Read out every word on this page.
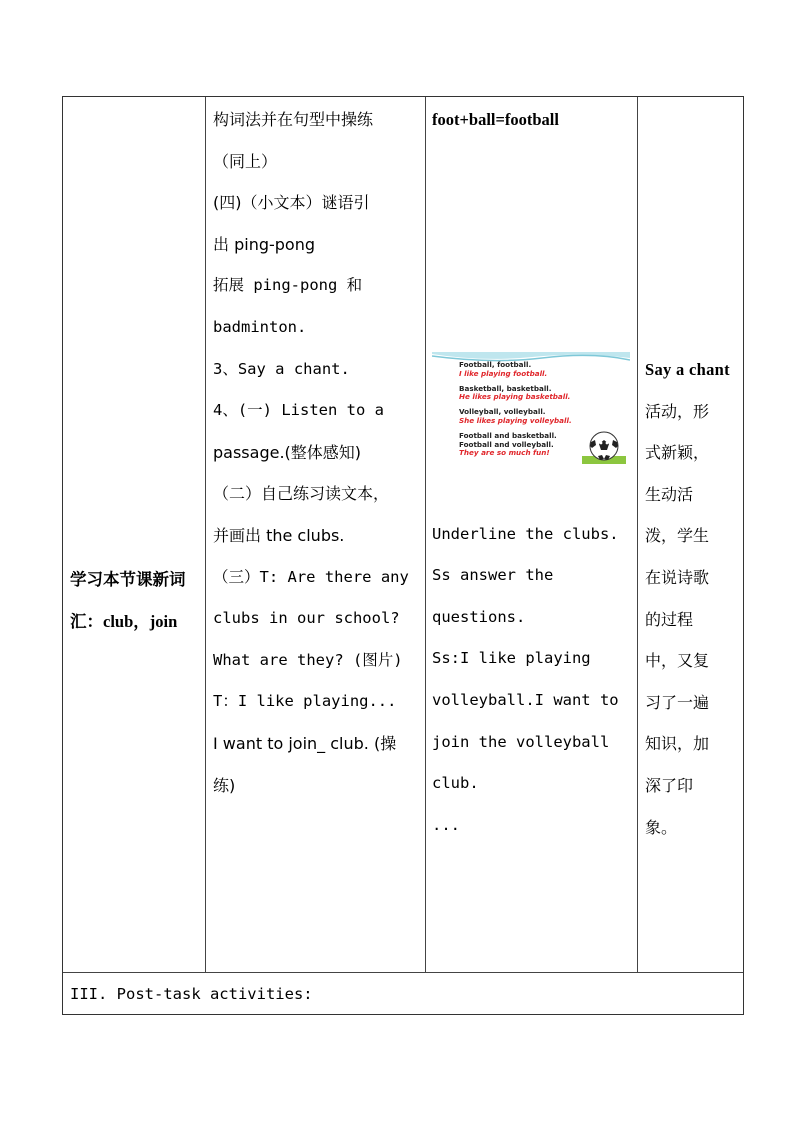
学习本节课新词

汇：club，join

构词法并在句型中操练

（同上）

(四)（小文本）谜语引

出 ping-pong

拓展 ping-pong 和

badminton.

3、Say a chant.

4、(一) Listen to a

passage.(整体感知)

（二）自己练习读文本，

并画出 the clubs.

（三）T: Are there any

clubs in our school?

What are they? (图片)

T：I like playing...

I want to join_ club. (操

练)

foot+ball=football

Underline the clubs.

Ss answer the

questions.

Ss:I like playing

volleyball.I want to

join the volleyball

club.

...

Say a chant

活动，形

式新颖，

生动活

泼，学生

在说诗歌

的过程

中，又复

习了一遍

知识，加

深了印

象。

Football, football.
I like playing football.
Basketball, basketball.
He likes playing basketball.
Volleyball, volleyball.
She likes playing volleyball.
Football and basketball.
Football and volleyball.
They are so much fun!
III. Post-task activities:
